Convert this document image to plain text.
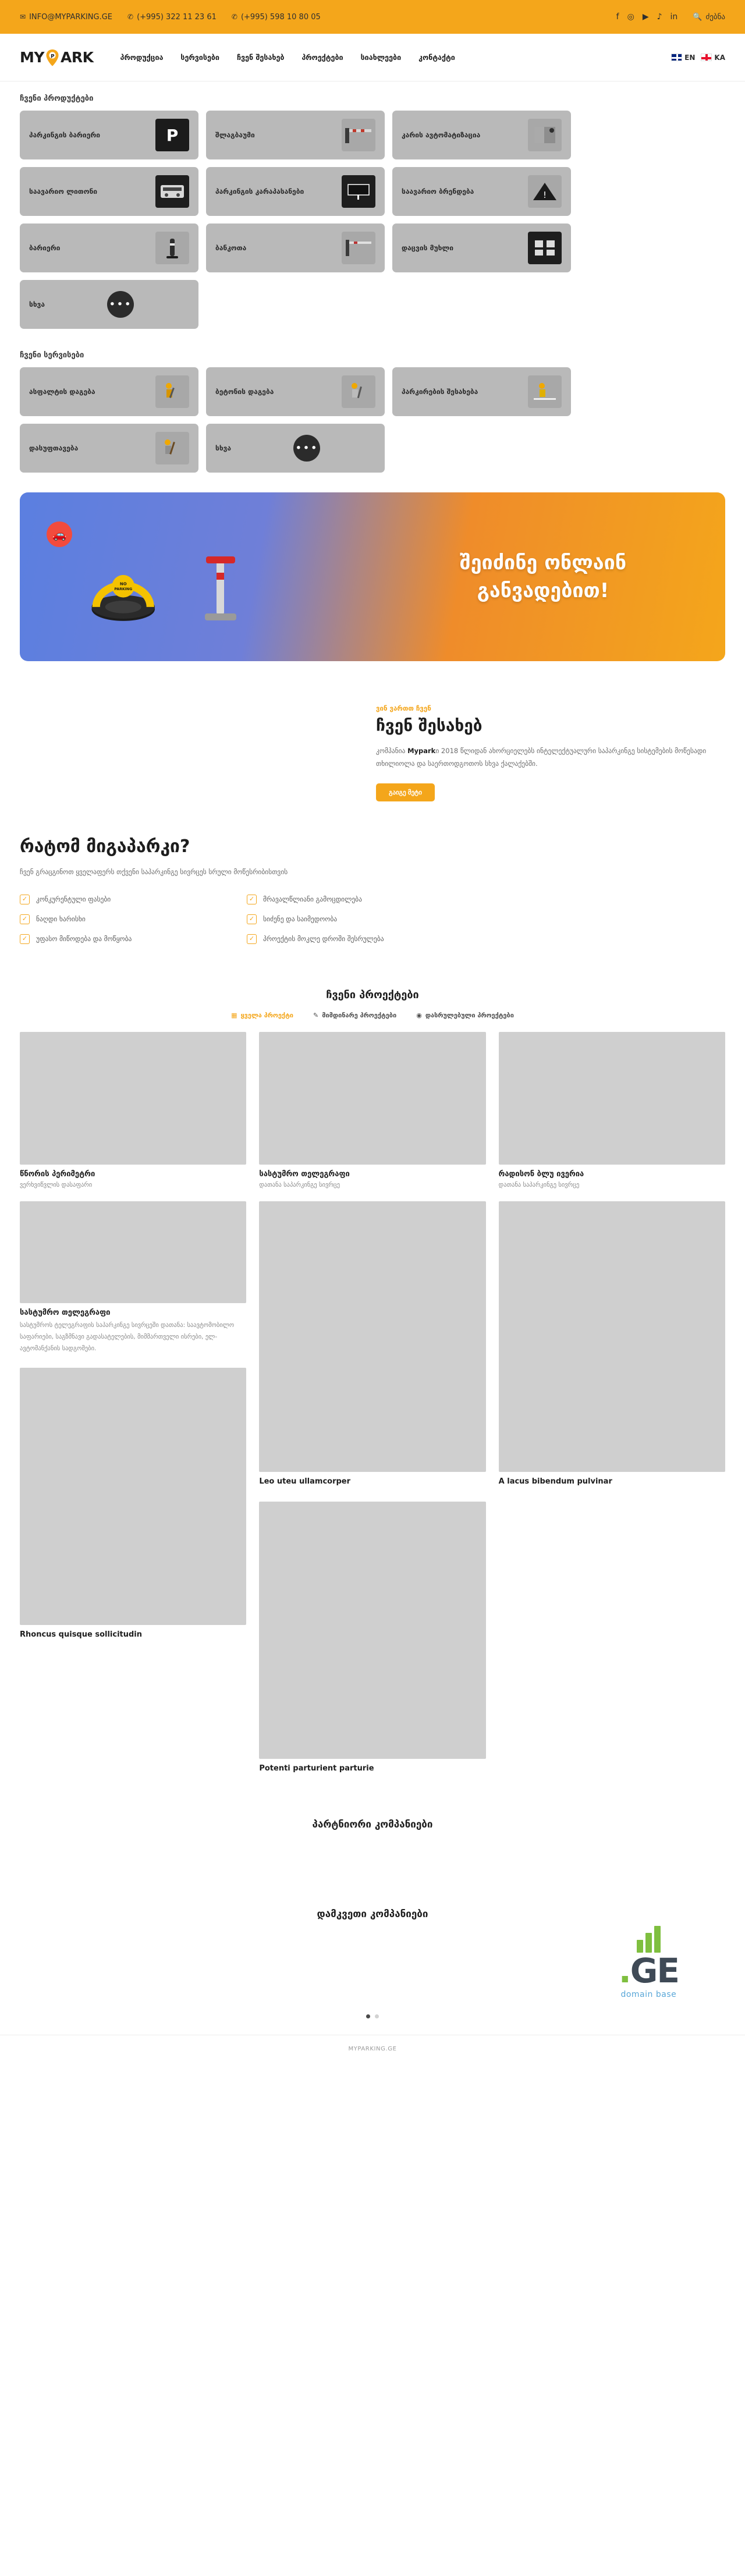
✉ INFO@MYPARKING.GE ✆ (+995) 322 11 23 61 ✆ (+995) 598 10 80 05	f ◎ ▶ ♪ in 🔍 ძებნა
MY P ARK	პროდუქცია სერვისები ჩვენ შესახებ პროექტები სიახლეები კონტაქტი	EN	KA
ჩვენი პროდუქტები
პარკინგის ბარიერი	P	შლაგბაუმი	კარის ავტომატიზაცია
საავარიო ლითონი	პარკინგის კარაპასანები	საავარიო ბრენდება	!
ბარიერი	ბანკოთა	დაცვის მუხლი
სხვა	•••
ჩვენი სერვისები
ასფალტის დაგება	ბეტონის დაგება	პარკირების შესახება
დასუფთავება	სხვა	•••
🚗
NO
PARKING
შეიძინე ონლაინ
განვადებით!
ვინ ვართთ ჩვენ
ჩვენ შესახებ

კომპანია Myparkი 2018 წლიდან ახორციელებს ინტელექტუალური საპარკინგე სისტემების მოწესადი თხილიოლა და საერთოდგოთოს სხვა ქალაქებში.

გაიგე მეტი
რატომ მიგაპარკი?

ჩვენ გრაცგინოთ ყველაფერს თქვენი საპარკინგე სივრცეს სრული მოწესრიბისთვის

✓	კონკურენტული ფასები
✓	ნაღდი ხარისხი
✓	უფასო მიწოდება და მოწყობა
✓	მრავალწლიანი გამოცდილება
✓	სიძენე და საიმედოობა
✓	პროექტის მოკლე დროში შესრულება
ჩვენი პროექტები
▦ ყველა პროექტი	✎ მიმდინარე პროექტები	◉ დასრულებული პროექტები
წნორის პერიმეტრი
ვერხვიწვლის დასაფარი
სასტუმრო თელეგრაფი
სასტუმროს ტელეგრაფის საპარკინგე სივრცეში დათანა: საავტომობილო საფარიები, საგზმნავი გადასატელების, მიმმართველი ისრები, ელ-ავტომანქანის სადგომები.
Rhoncus quisque sollicitudin
სასტუმრო თელეგრაფი
დათანა საპარკინგე სივრცე
Leo uteu ullamcorper
Potenti parturient parturie
რადისონ ბლუ ივერია
დათანა საპარკინგე სივრცე
A lacus bibendum pulvinar
პარტნიორი კომპანიები
დამკვეთი კომპანიები
.GE
domain base
MYPARKING.GE
